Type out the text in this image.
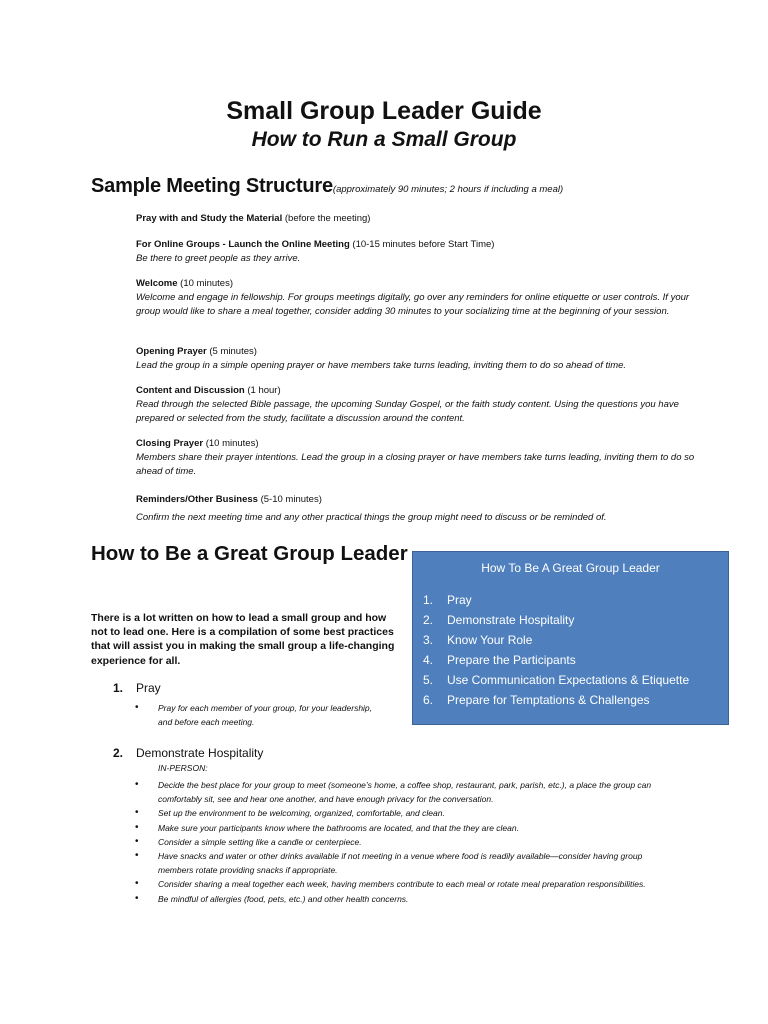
Small Group Leader Guide
How to Run a Small Group
Sample Meeting Structure(approximately 90 minutes; 2 hours if including a meal)
Pray with and Study the Material (before the meeting)
For Online Groups - Launch the Online Meeting (10-15 minutes before Start Time)
Be there to greet people as they arrive.
Welcome (10 minutes)
Welcome and engage in fellowship. For groups meetings digitally, go over any reminders for online etiquette or user controls. If your group would like to share a meal together, consider adding 30 minutes to your socializing time at the beginning of your session.
Opening Prayer (5 minutes)
Lead the group in a simple opening prayer or have members take turns leading, inviting them to do so ahead of time.
Content and Discussion (1 hour)
Read through the selected Bible passage, the upcoming Sunday Gospel, or the faith study content. Using the questions you have prepared or selected from the study, facilitate a discussion around the content.
Closing Prayer (10 minutes)
Members share their prayer intentions. Lead the group in a closing prayer or have members take turns leading, inviting them to do so ahead of time.
Reminders/Other Business (5-10 minutes)
Confirm the next meeting time and any other practical things the group might need to discuss or be reminded of.
How to Be a Great Group Leader
There is a lot written on how to lead a small group and how not to lead one. Here is a compilation of some best practices that will assist you in making the small group a life-changing experience for all.
How To Be A Great Group Leader
1. Pray
2. Demonstrate Hospitality
3. Know Your Role
4. Prepare the Participants
5. Use Communication Expectations & Etiquette
6. Prepare for Temptations & Challenges
1. Pray
• Pray for each member of your group, for your leadership, and before each meeting.
2. Demonstrate Hospitality
IN-PERSON:
• Decide the best place for your group to meet (someone’s home, a coffee shop, restaurant, park, parish, etc.), a place the group can comfortably sit, see and hear one another, and have enough privacy for the conversation.
• Set up the environment to be welcoming, organized, comfortable, and clean.
• Make sure your participants know where the bathrooms are located, and that the they are clean.
• Consider a simple setting like a candle or centerpiece.
• Have snacks and water or other drinks available if not meeting in a venue where food is readily available—consider having group members rotate providing snacks if appropriate.
• Consider sharing a meal together each week, having members contribute to each meal or rotate meal preparation responsibilities.
• Be mindful of allergies (food, pets, etc.) and other health concerns.
